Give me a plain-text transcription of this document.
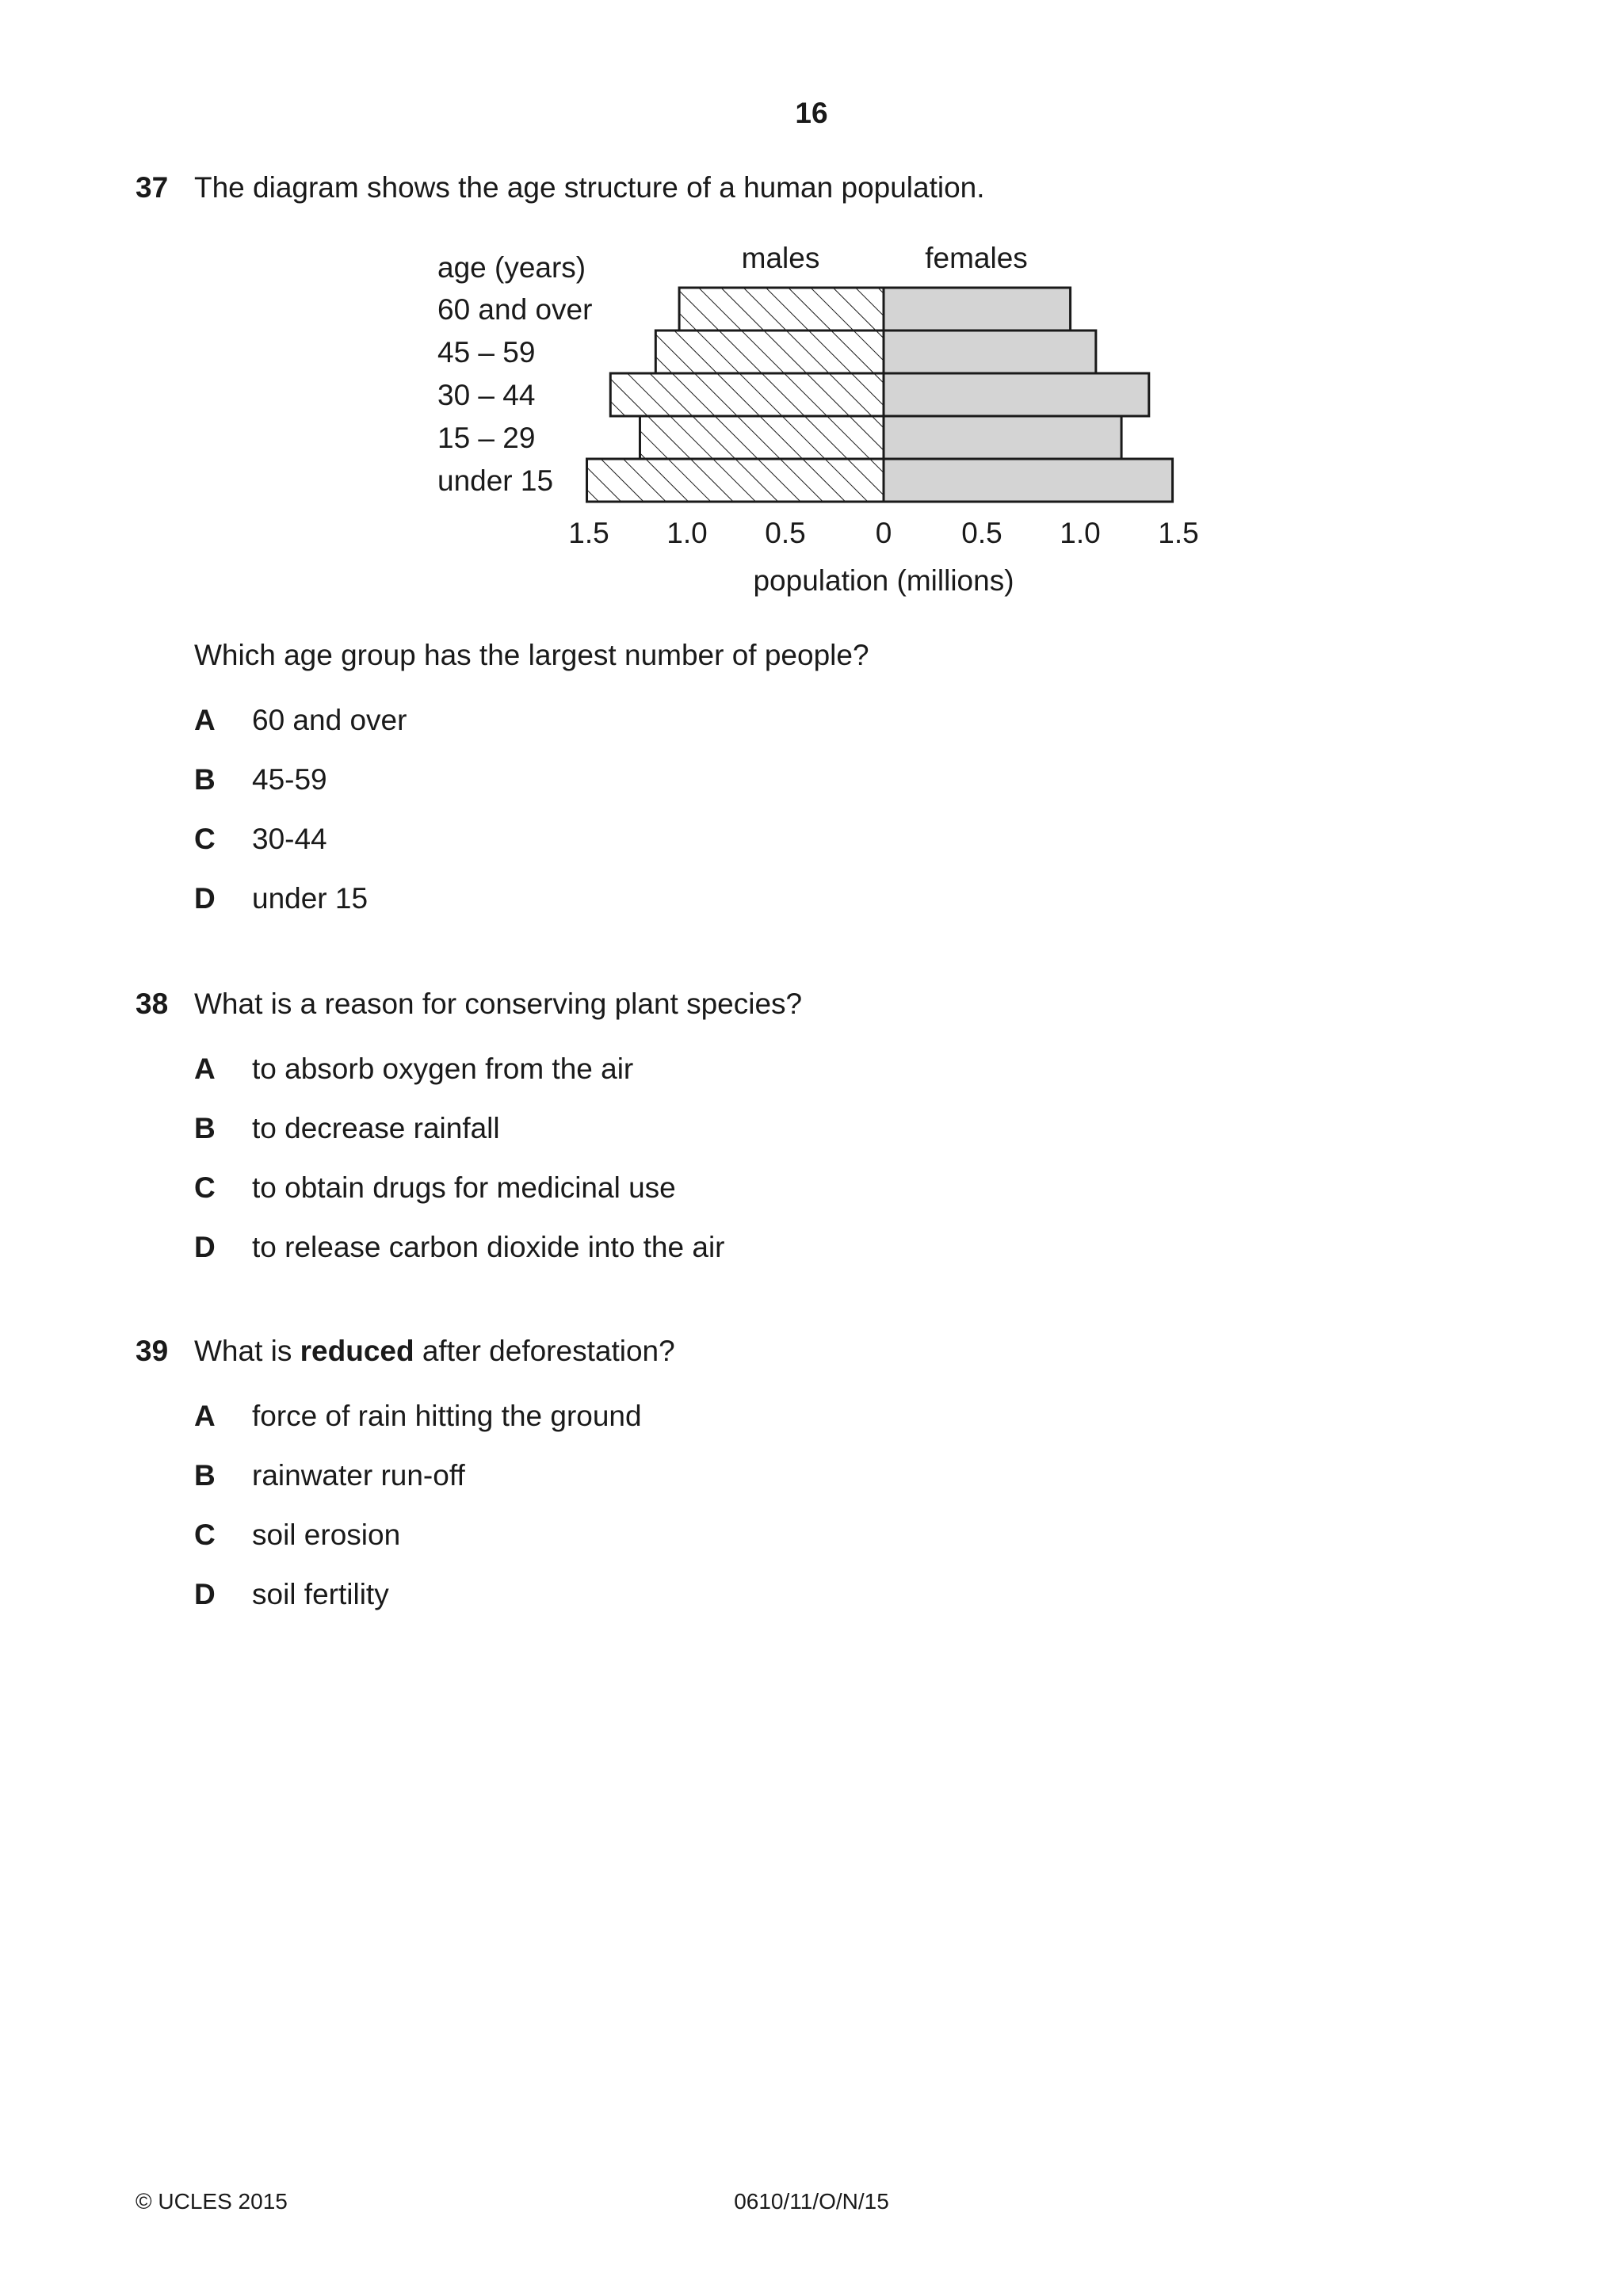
16
37 The diagram shows the age structure of a human population.
age (years)	males	females
60 and over
45 – 59
30 – 44
15 – 29
under 15
1.5 1.0 0.5 0 0.5 1.0 1.5
population (millions)
Which age group has the largest number of people?
A 60 and over
B 45-59
C 30-44
D under 15
38 What is a reason for conserving plant species?
A to absorb oxygen from the air
B to decrease rainfall
C to obtain drugs for medicinal use
D to release carbon dioxide into the air
39 What is reduced after deforestation?
A force of rain hitting the ground
B rainwater run-off
C soil erosion
D soil fertility
© UCLES 2015	0610/11/O/N/15
